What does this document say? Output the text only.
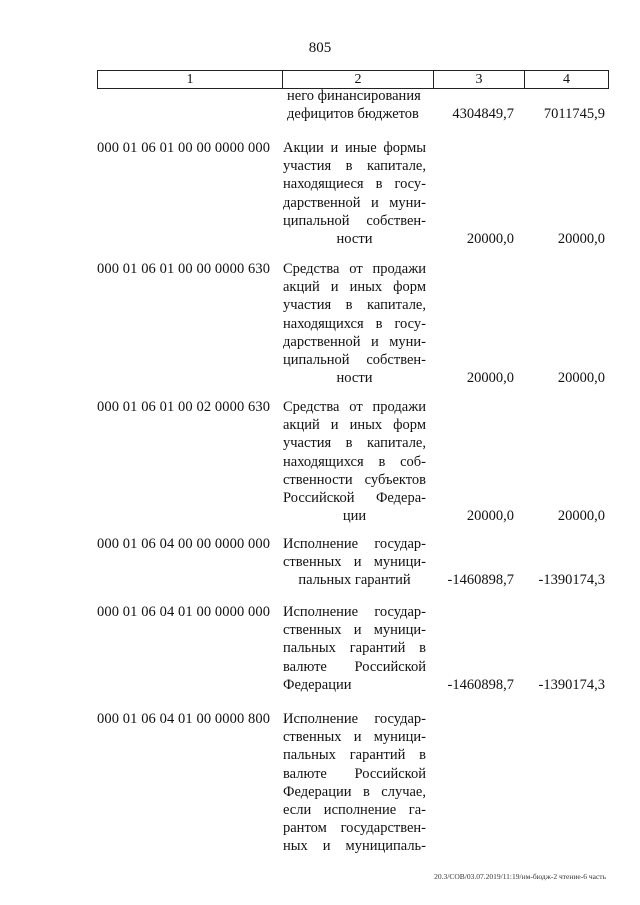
805
1	2	3	4
него финансирования
дефицитов бюджетов	4304849,7 7011745,9
000 01 06 01 00 00 0000 000 Акции и иные формы
участия в капитале,
находящиеся в госу-
дарственной и муни-
ципальной собствен-
ности	20000,0	20000,0
000 01 06 01 00 00 0000 630 Средства от продажи
акций и иных форм
участия в капитале,
находящихся в госу-
дарственной и муни-
ципальной собствен-
ности	20000,0	20000,0
000 01 06 01 00 02 0000 630 Средства от продажи
акций и иных форм
участия в капитале,
находящихся в соб-
ственности субъектов
Российской Федера-
ции	20000,0	20000,0
000 01 06 04 00 00 0000 000 Исполнение государ-
ственных и муници-
пальных гарантий	-1460898,7 -1390174,3
000 01 06 04 01 00 0000 000 Исполнение государ-
ственных и муници-
пальных гарантий в
валюте Российской
Федерации	-1460898,7 -1390174,3
000 01 06 04 01 00 0000 800 Исполнение государ-
ственных и муници-
пальных гарантий в
валюте Российской
Федерации в случае,
если исполнение га-
рантом государствен-
ных и муниципаль-
20.3/СОВ/03.07.2019/11:19/нм-бюдж-2 чтение-6 часть
